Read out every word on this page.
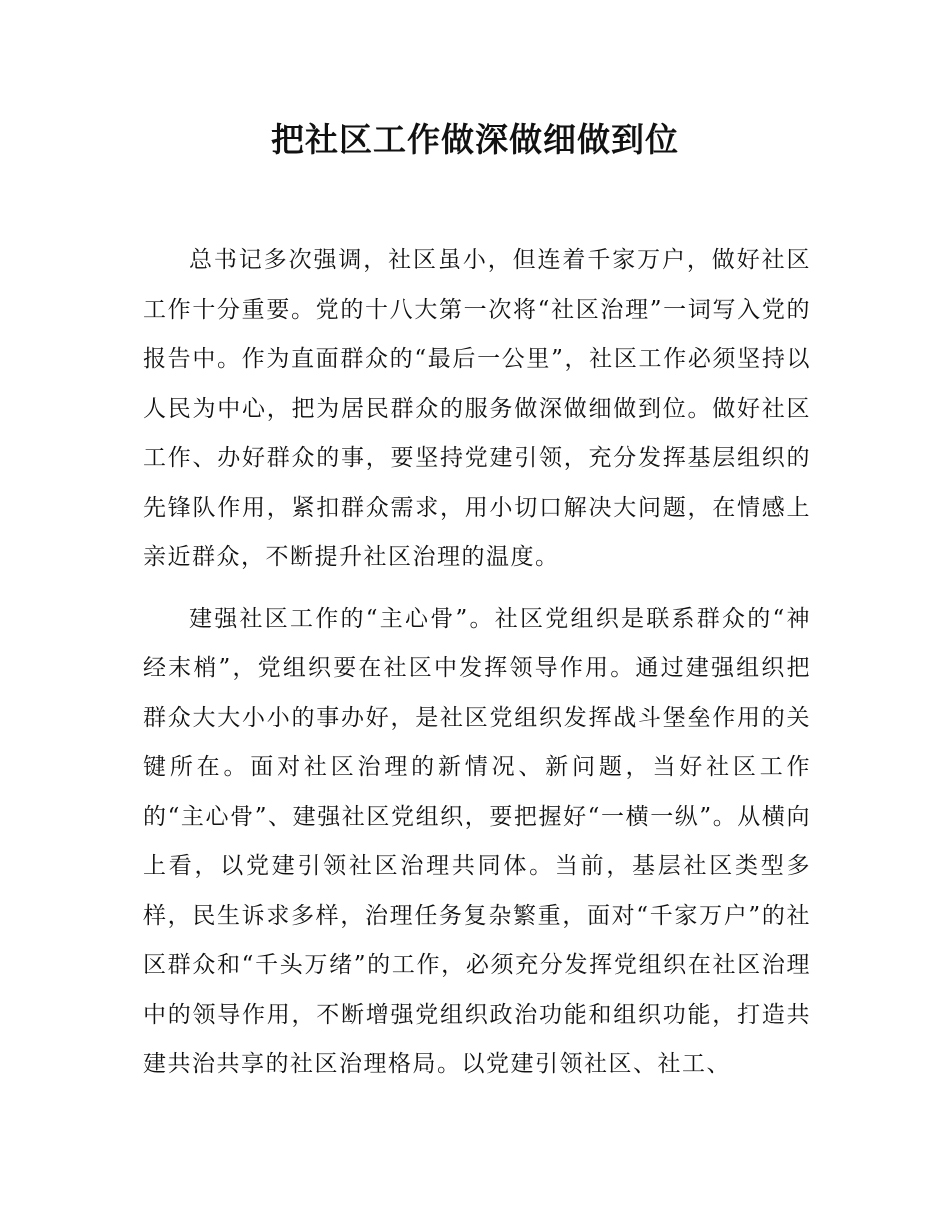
把社区工作做深做细做到位

总书记多次强调，社区虽小，但连着千家万户，做好社区工作十分重要。党的十八大第一次将“社区治理”一词写入党的报告中。作为直面群众的“最后一公里”，社区工作必须坚持以人民为中心，把为居民群众的服务做深做细做到位。做好社区工作、办好群众的事，要坚持党建引领，充分发挥基层组织的先锋队作用，紧扣群众需求，用小切口解决大问题，在情感上亲近群众，不断提升社区治理的温度。

建强社区工作的“主心骨”。社区党组织是联系群众的“神经末梢”，党组织要在社区中发挥领导作用。通过建强组织把群众大大小小的事办好，是社区党组织发挥战斗堡垒作用的关键所在。面对社区治理的新情况、新问题，当好社区工作的“主心骨”、建强社区党组织，要把握好“一横一纵”。从横向上看，以党建引领社区治理共同体。当前，基层社区类型多样，民生诉求多样，治理任务复杂繁重，面对“千家万户”的社区群众和“千头万绪”的工作，必须充分发挥党组织在社区治理中的领导作用，不断增强党组织政治功能和组织功能，打造共建共治共享的社区治理格局。以党建引领社区、社工、
